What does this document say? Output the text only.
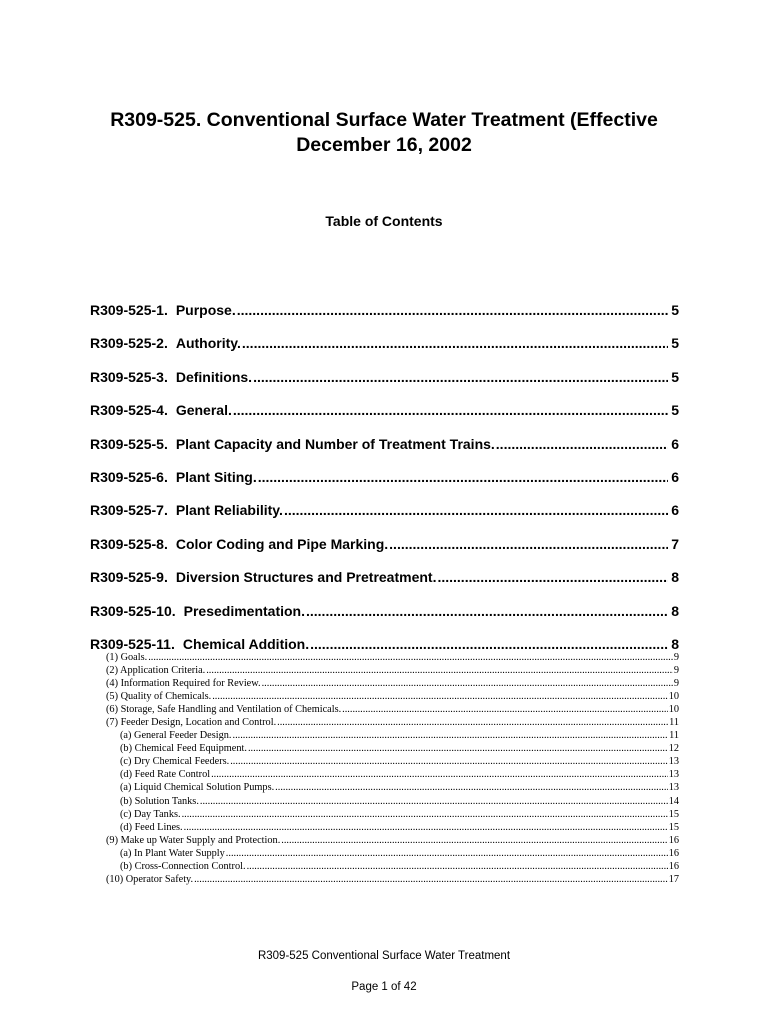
R309-525. Conventional Surface Water Treatment (Effective December 16, 2002
Table of Contents
R309-525-1. Purpose. .....	5
R309-525-2. Authority. .....	5
R309-525-3. Definitions. .....	5
R309-525-4. General. .....	5
R309-525-5. Plant Capacity and Number of Treatment Trains. .....	6
R309-525-6. Plant Siting. .....	6
R309-525-7. Plant Reliability. .....	6
R309-525-8. Color Coding and Pipe Marking. .....	7
R309-525-9. Diversion Structures and Pretreatment. .....	8
R309-525-10. Presedimentation. .....	8
R309-525-11. Chemical Addition. .....	8
(1) Goals. .....	9
(2) Application Criteria. .....	9
(4) Information Required for Review. .....	9
(5) Quality of Chemicals. .....	10
(6) Storage, Safe Handling and Ventilation of Chemicals. .....	10
(7) Feeder Design, Location and Control. .....	11
(a) General Feeder Design. .....	11
(b) Chemical Feed Equipment. .....	12
(c) Dry Chemical Feeders. .....	13
(d) Feed Rate Control .....	13
(a) Liquid Chemical Solution Pumps. .....	13
(b) Solution Tanks. .....	14
(c) Day Tanks. .....	15
(d) Feed Lines. .....	15
(9) Make up Water Supply and Protection. .....	16
(a) In Plant Water Supply .....	16
(b) Cross-Connection Control. .....	16
(10) Operator Safety. .....	17
R309-525 Conventional Surface Water Treatment
Page 1 of 42
